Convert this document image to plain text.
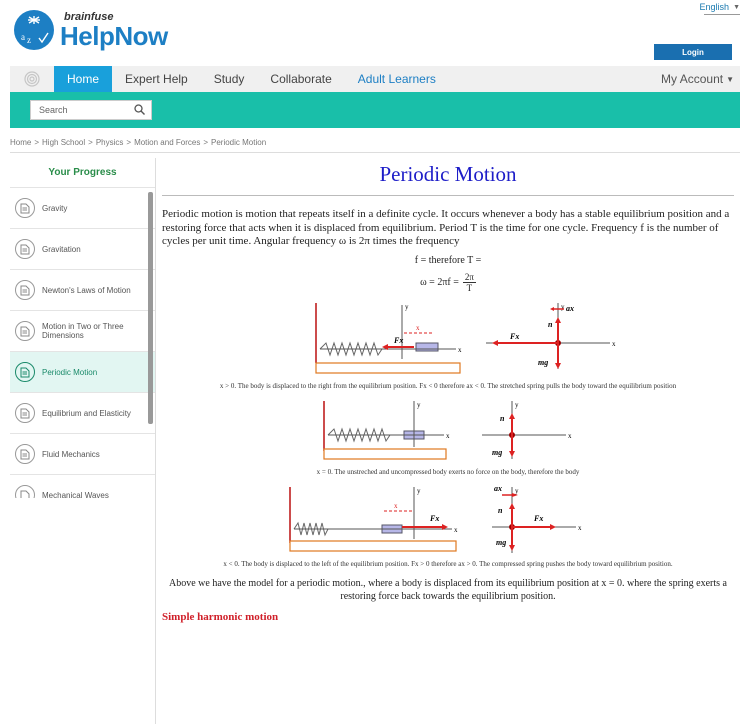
English ▼
a z
brainfuse
HelpNow
Login
Home	Expert Help	Study	Collaborate	Adult Learners	My Account ▼
Search
Home > High School > Physics > Motion and Forces > Periodic Motion
Your Progress
Gravity
Gravitation
Newton's Laws of Motion
Motion in Two or Three Dimensions
Periodic Motion
Equilibrium and Elasticity
Fluid Mechanics
Mechanical Waves
Periodic Motion

Periodic motion is motion that repeats itself in a definite cycle. It occurs whenever a body has a stable equilibrium position and a restoring force that acts when it is displaced from equilibrium. Period T is the time for one cycle. Frequency f is the number of cycles per unit time. Angular frequency ω is 2π times the frequency

f = therefore T =
$\omega = 2\pi f = \frac{2\pi}{T}$
y
x
x
Fx
y
x
Fx
n
mg
ax
x > 0. The body is displaced to the right from the equilibrium position. Fx < 0 therefore ax < 0. The stretched spring pulls the body toward the equilibrium position
y
x
y
x
n
mg
x = 0. The unstreched and uncompressed body exerts no force on the body, therefore the body
y
x
x
Fx
y
x
ax
Fx
n
mg
x < 0. The body is displaced to the left of the equilibrium position. Fx > 0 therefore ax > 0. The compressed spring pushes the body toward equilibrium position.

Above we have the model for a periodic motion., where a body is displaced from its equilibrium position at x = 0. where the spring exerts a restoring force back towards the equilibrium position.

Simple harmonic motion
